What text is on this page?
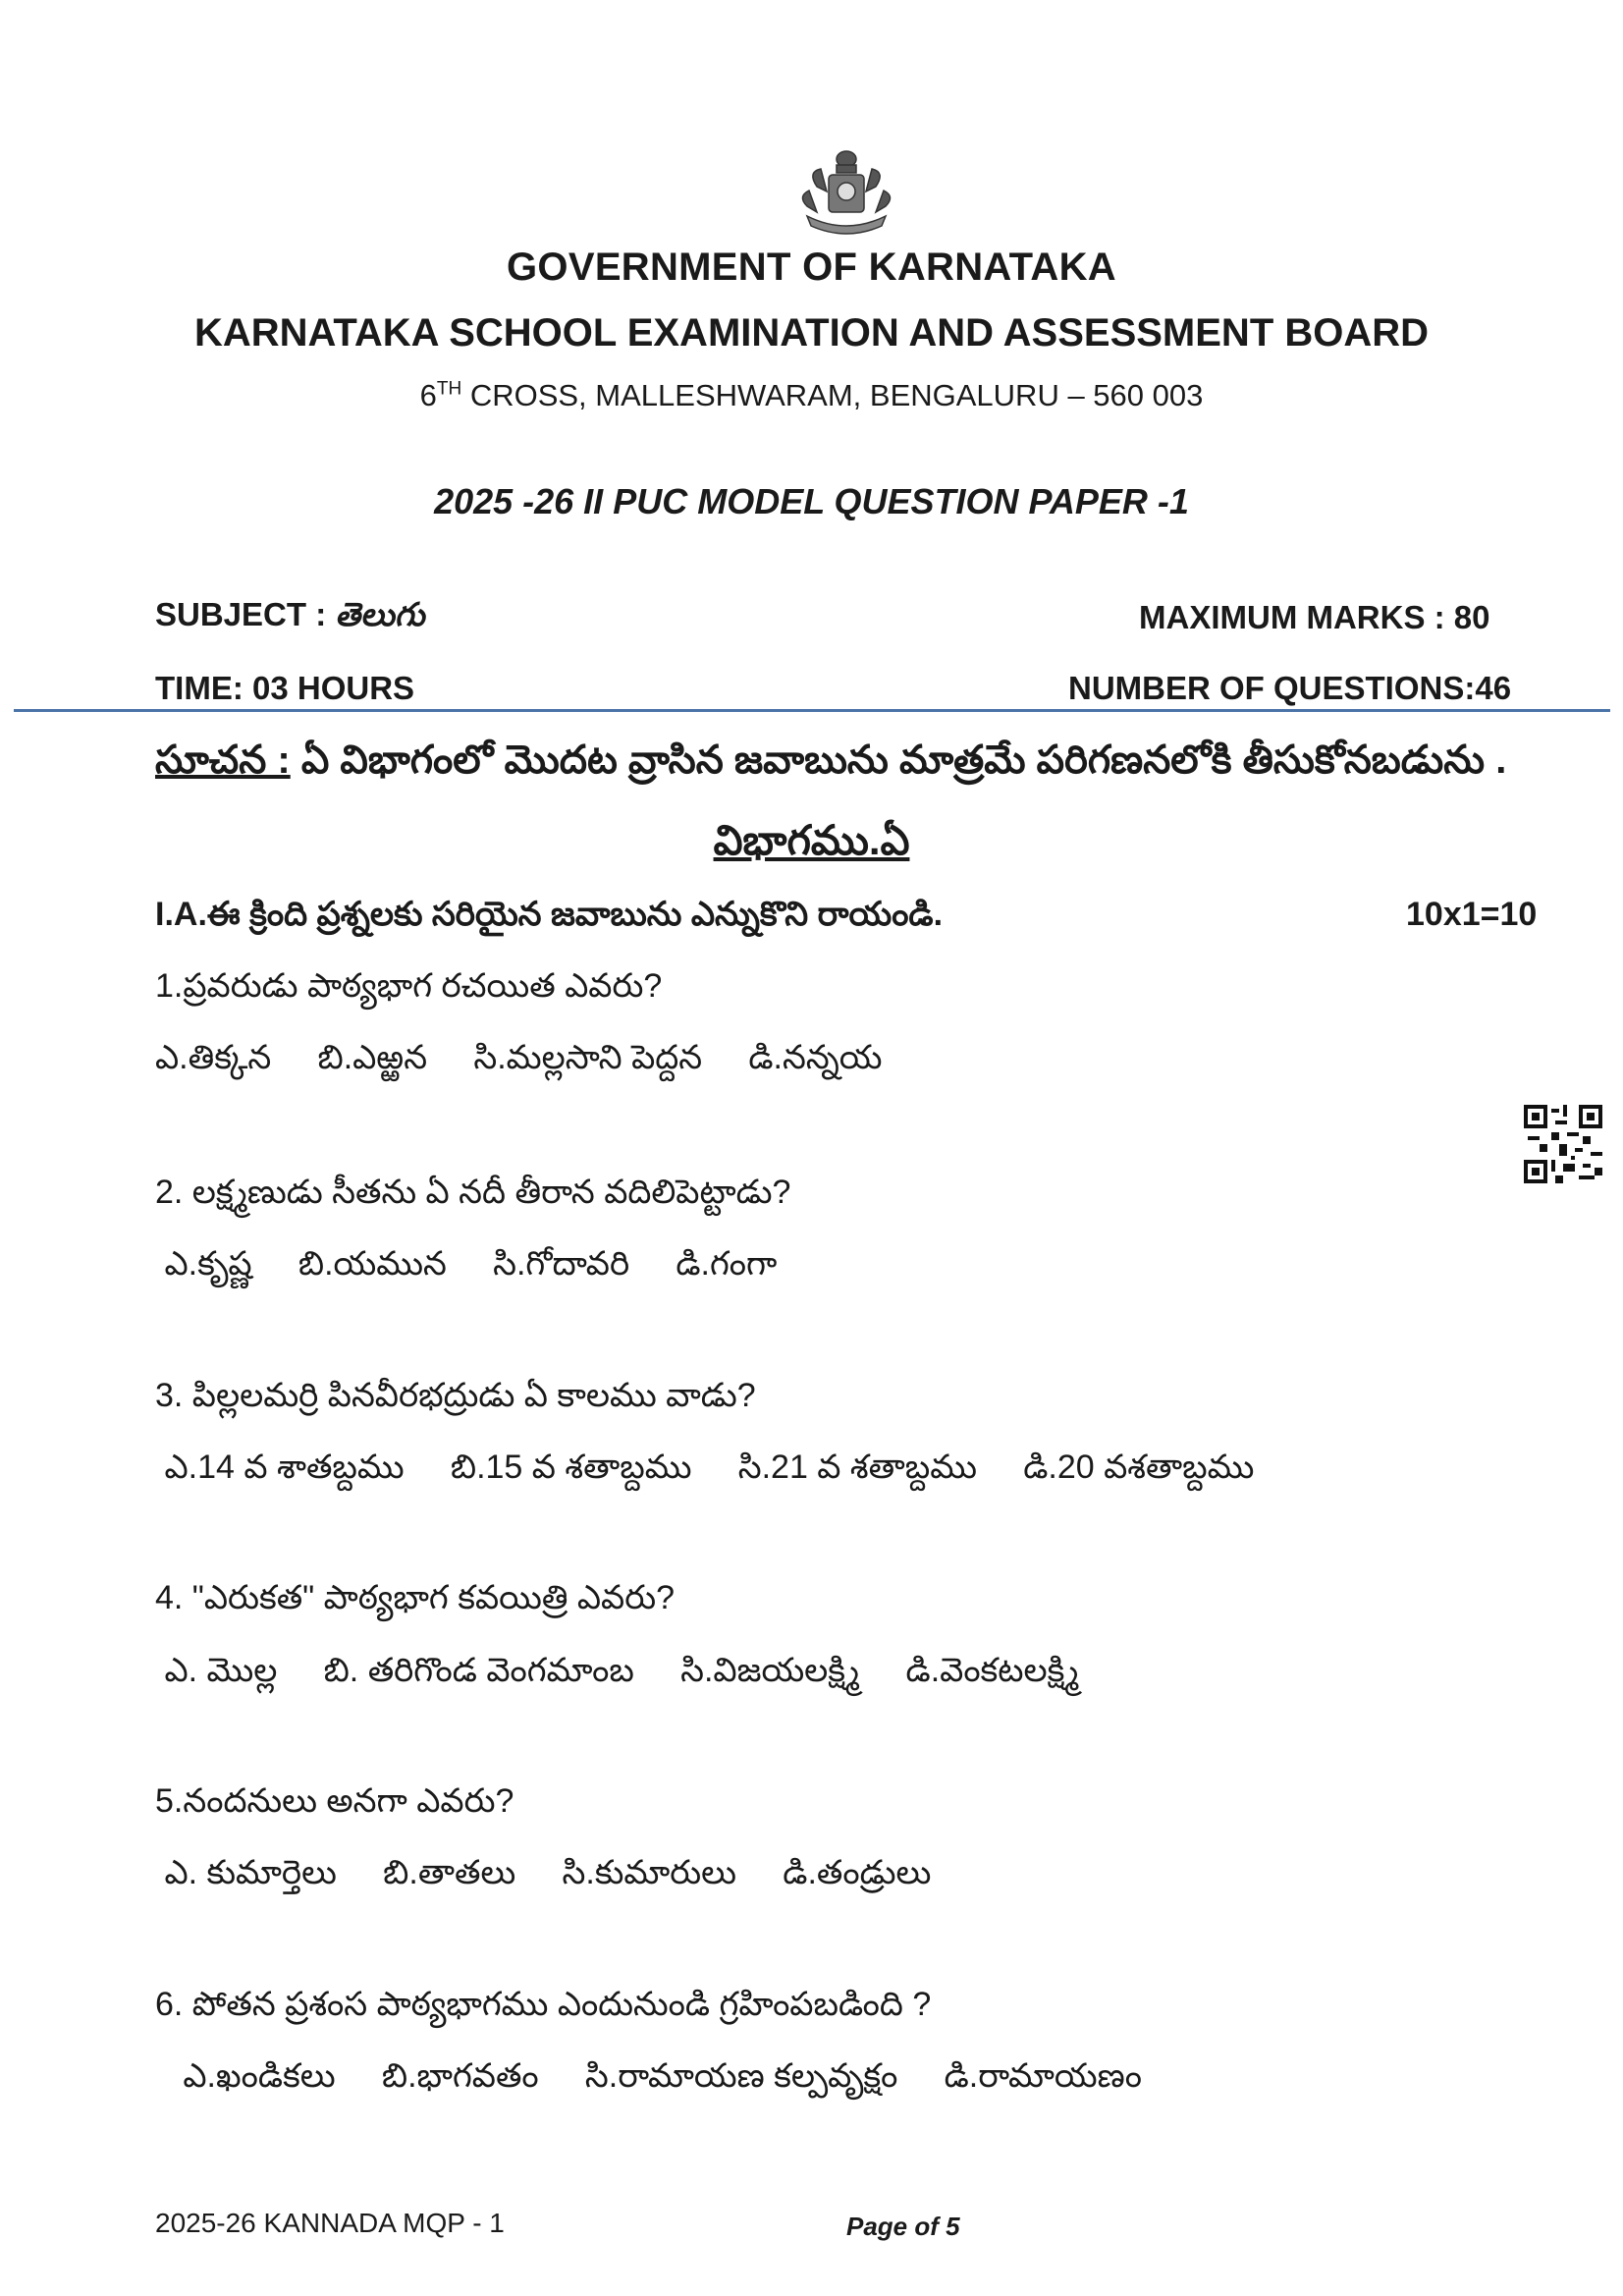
GOVERNMENT OF KARNATAKA
KARNATAKA SCHOOL EXAMINATION AND ASSESSMENT BOARD
6TH CROSS, MALLESHWARAM, BENGALURU – 560 003
2025 -26 II PUC MODEL QUESTION PAPER -1
SUBJECT : తెలుగు	MAXIMUM MARKS : 80
TIME: 03 HOURS	NUMBER OF QUESTIONS:46
సూచన : ఏ విభాగంలో మొదట వ్రాసిన జవాబును మాత్రమే పరిగణనలోకి తీసుకోనబడును .
విభాగము.ఏ
I.A.ఈ క్రింది ప్రశ్నలకు సరియైన జవాబును ఎన్నుకొని రాయండి.	10x1=10
1.ప్రవరుడు పాఠ్యభాగ రచయిత ఎవరు?
ఎ.తిక్కన     బి.ఎఱ్ఱన     సి.మల్లసాని పెద్దన     డి.నన్నయ
2. లక్ష్మణుడు సీతను ఏ నదీ తీరాన వదిలిపెట్టాడు?
ఎ.కృష్ణ     బి.యమున     సి.గోదావరి     డి.గంగా
3. పిల్లలమర్రి పినవీరభద్రుడు ఏ కాలము వాడు?
ఎ.14 వ శాతబ్దము     బి.15 వ శతాబ్దము     సి.21 వ శతాబ్దము     డి.20 వశతాబ్దము
4. "ఎరుకత" పాఠ్యభాగ కవయిత్రి ఎవరు?
ఎ. మొల్ల     బి. తరిగొండ వెంగమాంబ     సి.విజయలక్ష్మి     డి.వెంకటలక్ష్మి
5.నందనులు అనగా ఎవరు?
ఎ. కుమార్తెలు     బి.తాతలు     సి.కుమారులు     డి.తండ్రులు
6. పోతన ప్రశంస పాఠ్యభాగము ఎందునుండి గ్రహింపబడింది ?
ఎ.ఖండికలు     బి.భాగవతం     సి.రామాయణ కల్పవృక్షం     డి.రామాయణం
2025-26 KANNADA MQP - 1	Page of 5
